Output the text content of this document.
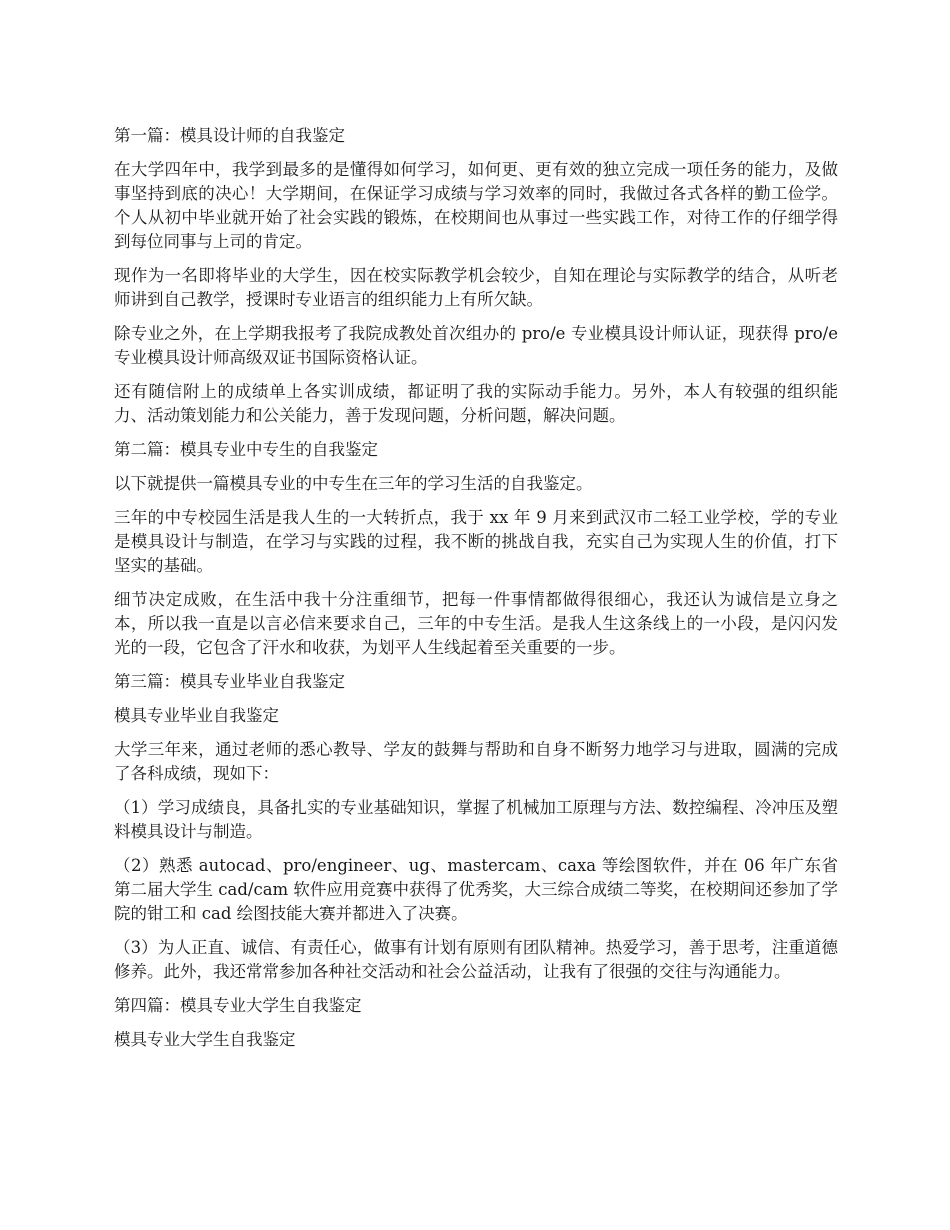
第一篇：模具设计师的自我鉴定

在大学四年中，我学到最多的是懂得如何学习，如何更、更有效的独立完成一项任务的能力，及做事坚持到底的决心！大学期间，在保证学习成绩与学习效率的同时，我做过各式各样的勤工俭学。个人从初中毕业就开始了社会实践的锻炼，在校期间也从事过一些实践工作，对待工作的仔细学得到每位同事与上司的肯定。

现作为一名即将毕业的大学生，因在校实际教学机会较少，自知在理论与实际教学的结合，从听老师讲到自己教学，授课时专业语言的组织能力上有所欠缺。

除专业之外，在上学期我报考了我院成教处首次组办的 pro/e 专业模具设计师认证，现获得 pro/e 专业模具设计师高级双证书国际资格认证。

还有随信附上的成绩单上各实训成绩，都证明了我的实际动手能力。另外，本人有较强的组织能力、活动策划能力和公关能力，善于发现问题，分析问题，解决问题。

第二篇：模具专业中专生的自我鉴定

以下就提供一篇模具专业的中专生在三年的学习生活的自我鉴定。

三年的中专校园生活是我人生的一大转折点，我于 xx 年 9 月来到武汉市二轻工业学校，学的专业是模具设计与制造，在学习与实践的过程，我不断的挑战自我，充实自己为实现人生的价值，打下坚实的基础。

细节决定成败，在生活中我十分注重细节，把每一件事情都做得很细心，我还认为诚信是立身之本，所以我一直是以言必信来要求自己，三年的中专生活。是我人生这条线上的一小段，是闪闪发光的一段，它包含了汗水和收获，为划平人生线起着至关重要的一步。

第三篇：模具专业毕业自我鉴定

模具专业毕业自我鉴定

大学三年来，通过老师的悉心教导、学友的鼓舞与帮助和自身不断努力地学习与进取，圆满的完成了各科成绩，现如下：

（1）学习成绩良，具备扎实的专业基础知识，掌握了机械加工原理与方法、数控编程、冷冲压及塑料模具设计与制造。

（2）熟悉 autocad、pro/engineer、ug、mastercam、caxa 等绘图软件，并在 06 年广东省第二届大学生 cad/cam 软件应用竞赛中获得了优秀奖，大三综合成绩二等奖，在校期间还参加了学院的钳工和 cad 绘图技能大赛并都进入了决赛。

（3）为人正直、诚信、有责任心，做事有计划有原则有团队精神。热爱学习，善于思考，注重道德修养。此外，我还常常参加各种社交活动和社会公益活动，让我有了很强的交往与沟通能力。

第四篇：模具专业大学生自我鉴定

模具专业大学生自我鉴定
